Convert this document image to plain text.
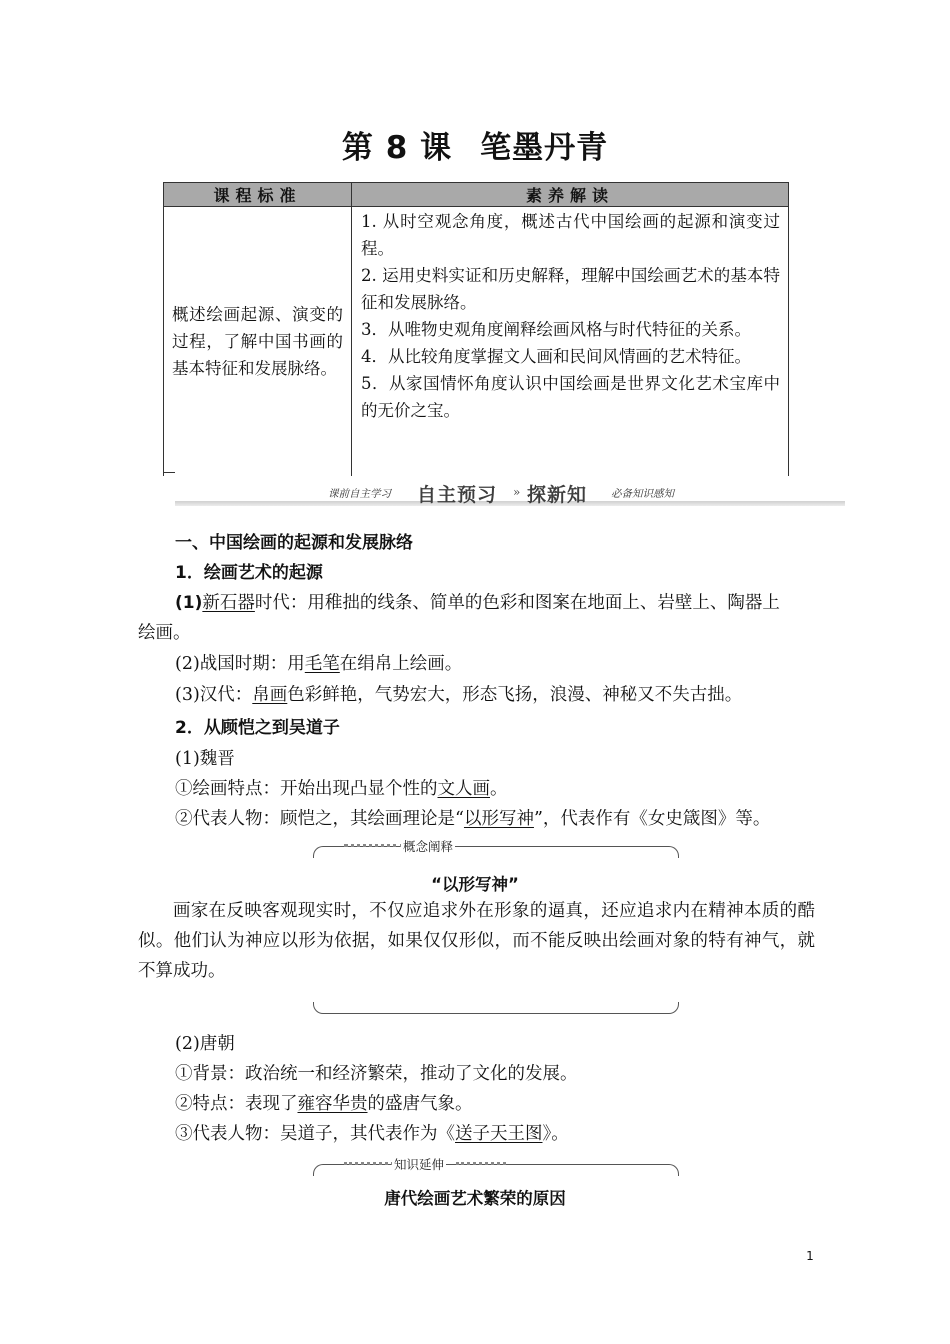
第 8 课 笔墨丹青
课程标准	素养解读
概述绘画起源、演变的过程，了解中国书画的基本特征和发展脉络。	1. 从时空观念角度，概述古代中国绘画的起源和演变过程。
2. 运用史料实证和历史解释，理解中国绘画艺术的基本特征和发展脉络。
3．从唯物史观角度阐释绘画风格与时代特征的关系。
4．从比较角度掌握文人画和民间风情画的艺术特征。
5．从家国情怀角度认识中国绘画是世界文化艺术宝库中的无价之宝。
课前自主学习 自主预习 » 探新知 必备知识感知
一、中国绘画的起源和发展脉络
1．绘画艺术的起源
(1)新石器时代：用稚拙的线条、简单的色彩和图案在地面上、岩壁上、陶器上
绘画。
(2)战国时期：用毛笔在绢帛上绘画。
(3)汉代：帛画色彩鲜艳，气势宏大，形态飞扬，浪漫、神秘又不失古拙。
2．从顾恺之到吴道子
(1)魏晋
①绘画特点：开始出现凸显个性的文人画。
②代表人物：顾恺之，其绘画理论是“以形写神”，代表作有《女史箴图》等。
概念阐释
“以形写神”
画家在反映客观现实时，不仅应追求外在形象的逼真，还应追求内在精神本质的酷似。他们认为神应以形为依据，如果仅仅形似，而不能反映出绘画对象的特有神气，就不算成功。
(2)唐朝
①背景：政治统一和经济繁荣，推动了文化的发展。
②特点：表现了雍容华贵的盛唐气象。
③代表人物：吴道子，其代表作为《送子天王图》。
知识延伸
唐代绘画艺术繁荣的原因
1
